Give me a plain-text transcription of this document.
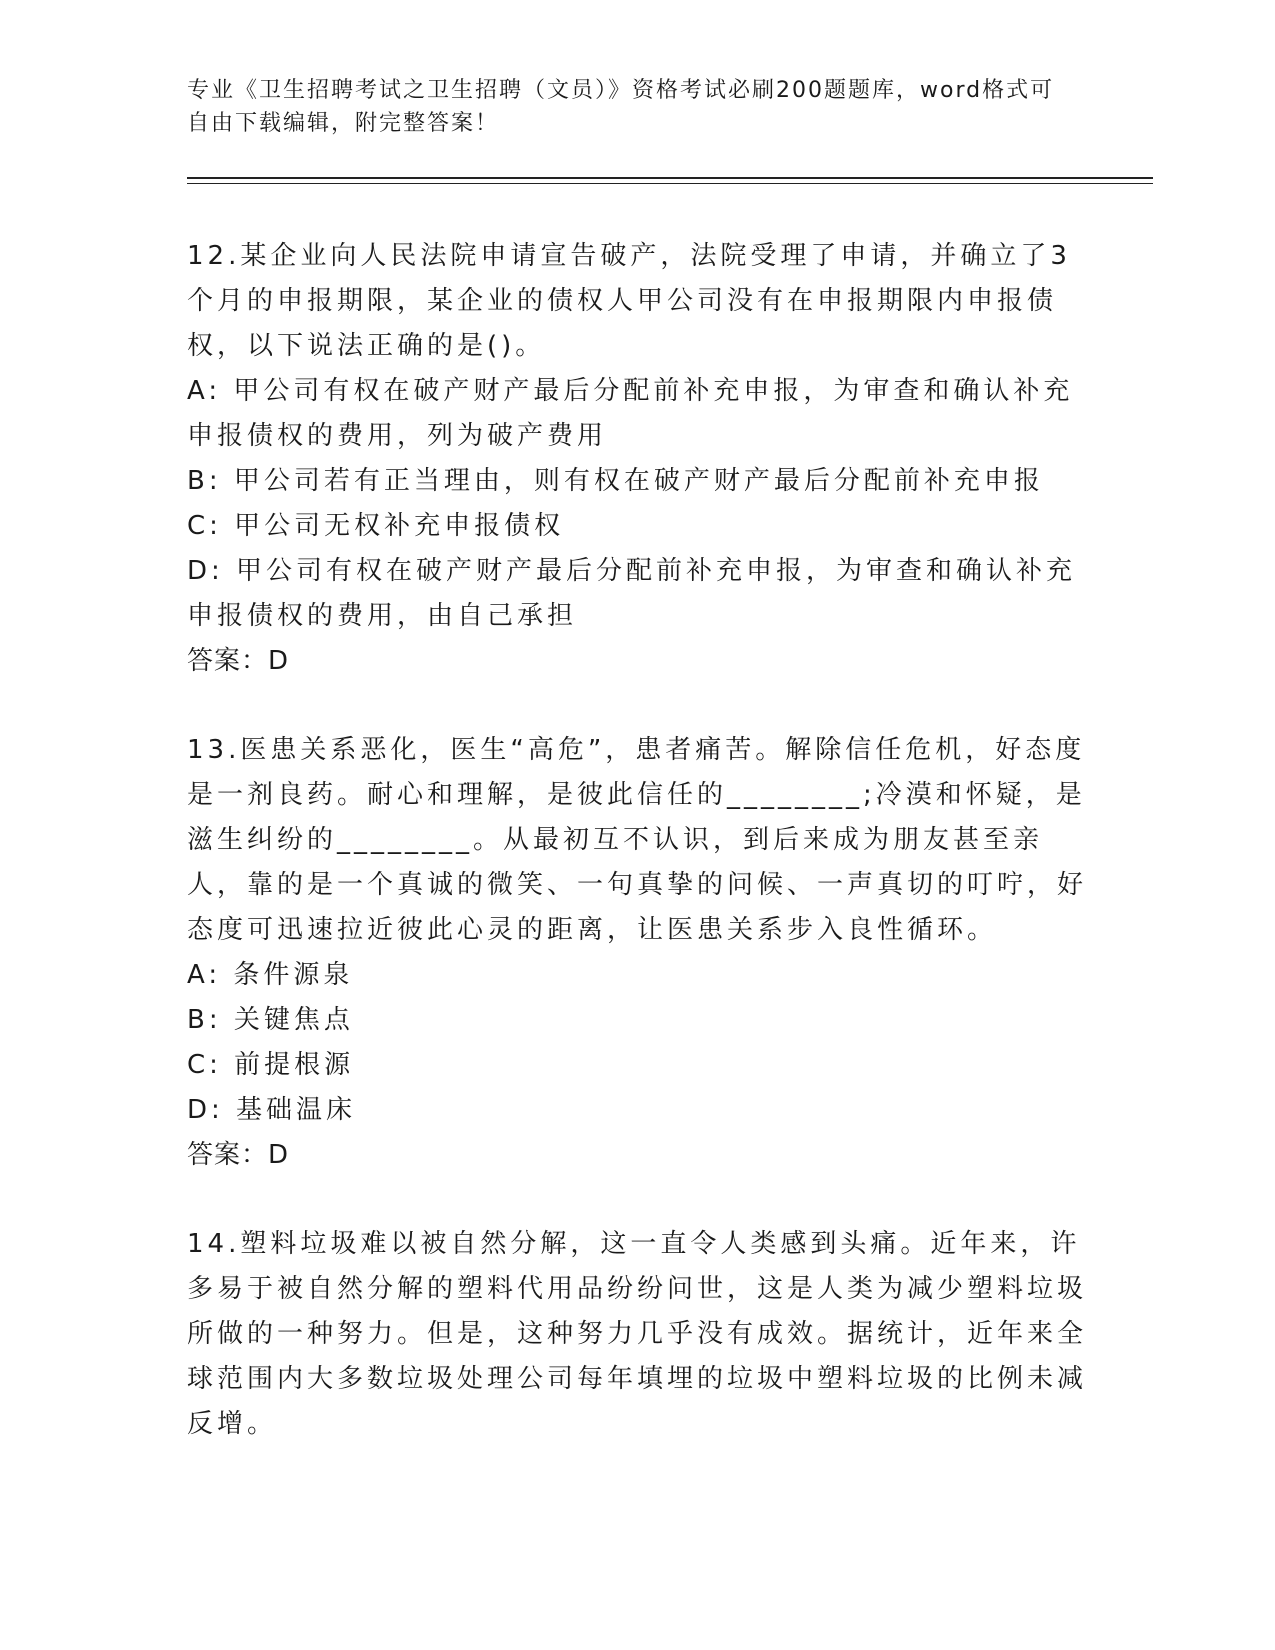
专业《卫生招聘考试之卫生招聘（文员）》资格考试必刷200题题库，word格式可自由下载编辑，附完整答案！

12.某企业向人民法院申请宣告破产，法院受理了申请，并确立了3个月的申报期限，某企业的债权人甲公司没有在申报期限内申报债权，以下说法正确的是()。

A: 甲公司有权在破产财产最后分配前补充申报，为审查和确认补充申报债权的费用，列为破产费用

B: 甲公司若有正当理由，则有权在破产财产最后分配前补充申报

C: 甲公司无权补充申报债权

D: 甲公司有权在破产财产最后分配前补充申报，为审查和确认补充申报债权的费用，由自己承担

答案：D

13.医患关系恶化，医生“高危”，患者痛苦。解除信任危机，好态度是一剂良药。耐心和理解，是彼此信任的________;冷漠和怀疑，是滋生纠纷的________。从最初互不认识，到后来成为朋友甚至亲人，靠的是一个真诚的微笑、一句真挚的问候、一声真切的叮咛，好态度可迅速拉近彼此心灵的距离，让医患关系步入良性循环。

A: 条件源泉

B: 关键焦点

C: 前提根源

D: 基础温床

答案：D

14.塑料垃圾难以被自然分解，这一直令人类感到头痛。近年来，许多易于被自然分解的塑料代用品纷纷问世，这是人类为减少塑料垃圾所做的一种努力。但是，这种努力几乎没有成效。据统计，近年来全球范围内大多数垃圾处理公司每年填埋的垃圾中塑料垃圾的比例未减反增。
